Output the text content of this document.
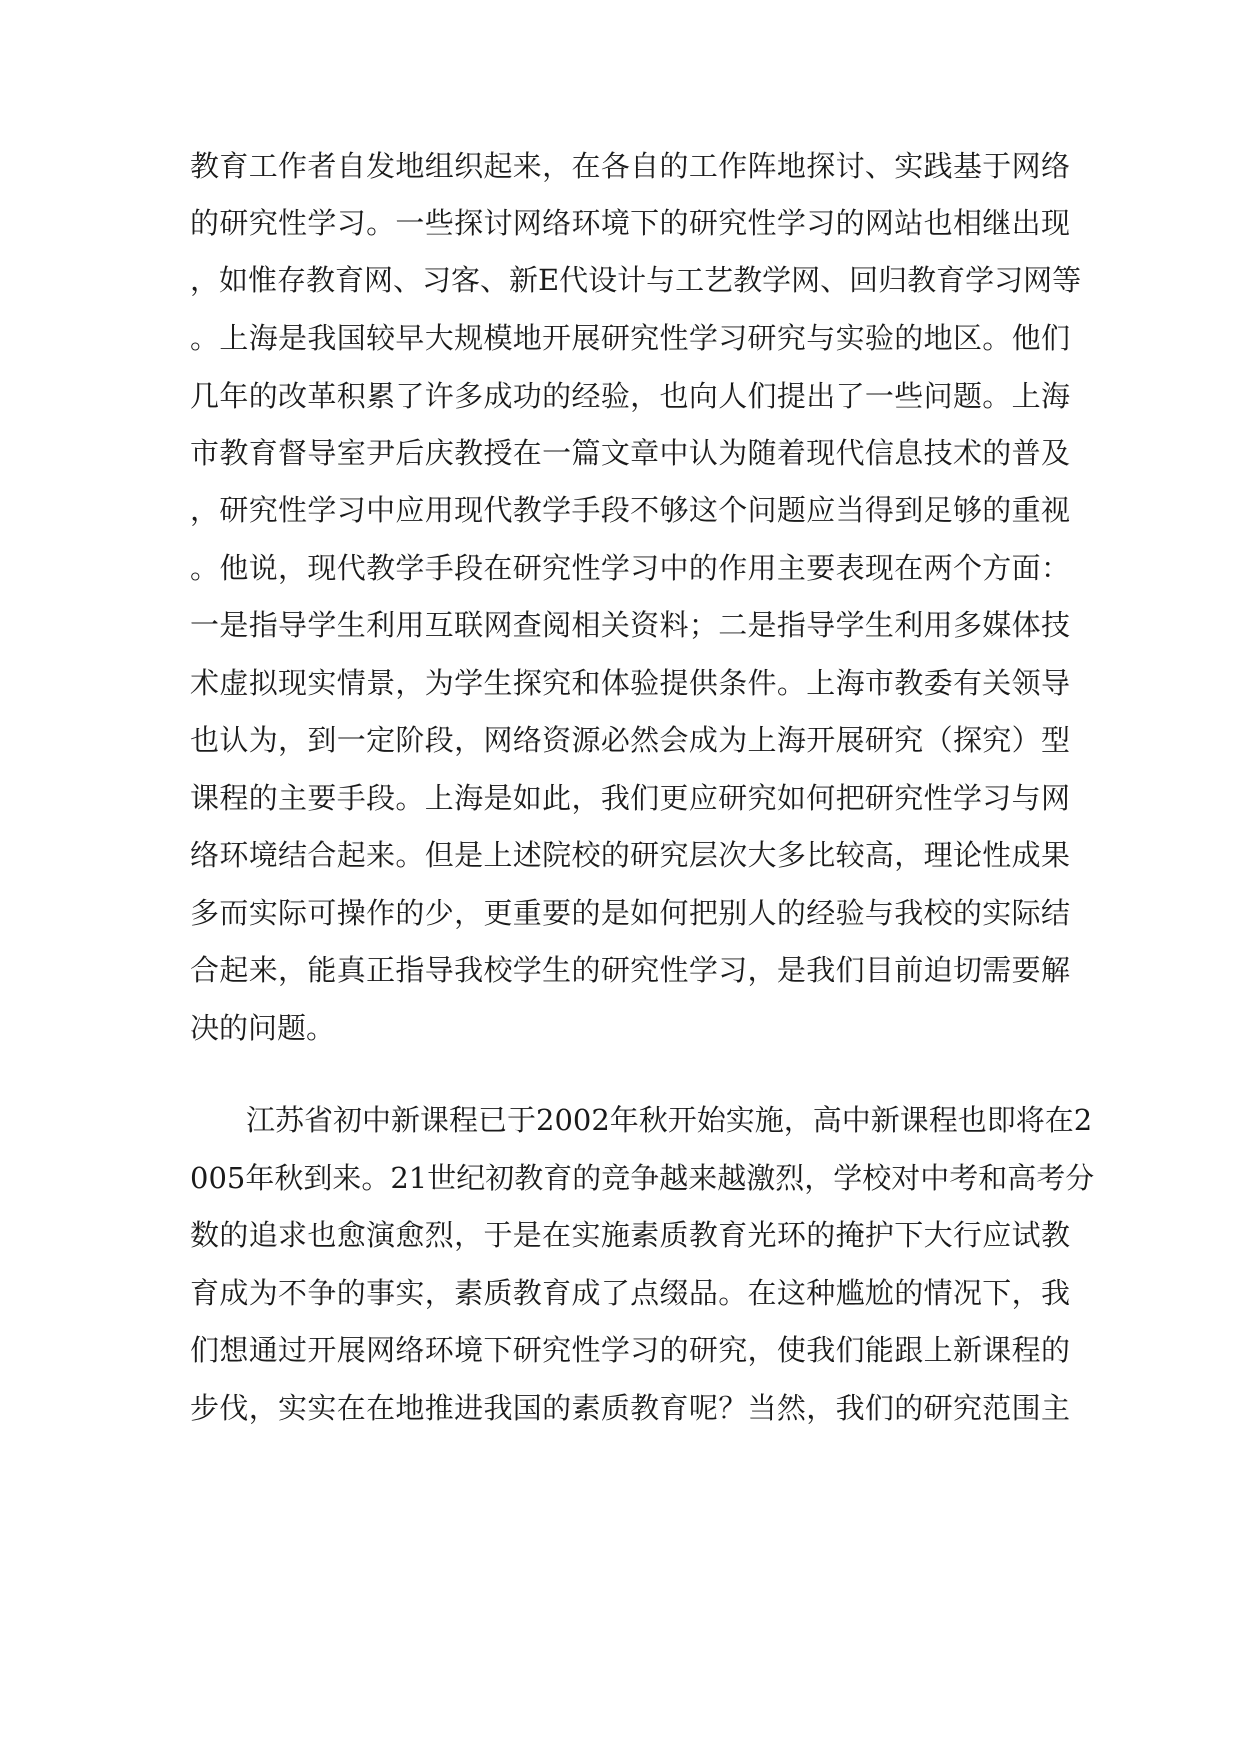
教育工作者自发地组织起来，在各自的工作阵地探讨、实践基于网络
的研究性学习。一些探讨网络环境下的研究性学习的网站也相继出现
，如惟存教育网、习客、新E代设计与工艺教学网、回归教育学习网等
。上海是我国较早大规模地开展研究性学习研究与实验的地区。他们
几年的改革积累了许多成功的经验，也向人们提出了一些问题。上海
市教育督导室尹后庆教授在一篇文章中认为随着现代信息技术的普及
，研究性学习中应用现代教学手段不够这个问题应当得到足够的重视
。他说，现代教学手段在研究性学习中的作用主要表现在两个方面：
一是指导学生利用互联网查阅相关资料；二是指导学生利用多媒体技
术虚拟现实情景，为学生探究和体验提供条件。上海市教委有关领导
也认为，到一定阶段，网络资源必然会成为上海开展研究（探究）型
课程的主要手段。上海是如此，我们更应研究如何把研究性学习与网
络环境结合起来。但是上述院校的研究层次大多比较高，理论性成果
多而实际可操作的少，更重要的是如何把别人的经验与我校的实际结
合起来，能真正指导我校学生的研究性学习，是我们目前迫切需要解
决的问题。
江苏省初中新课程已于2002年秋开始实施，高中新课程也即将在2
005年秋到来。21世纪初教育的竞争越来越激烈，学校对中考和高考分
数的追求也愈演愈烈，于是在实施素质教育光环的掩护下大行应试教
育成为不争的事实，素质教育成了点缀品。在这种尴尬的情况下，我
们想通过开展网络环境下研究性学习的研究，使我们能跟上新课程的
步伐，实实在在地推进我国的素质教育呢？当然，我们的研究范围主
